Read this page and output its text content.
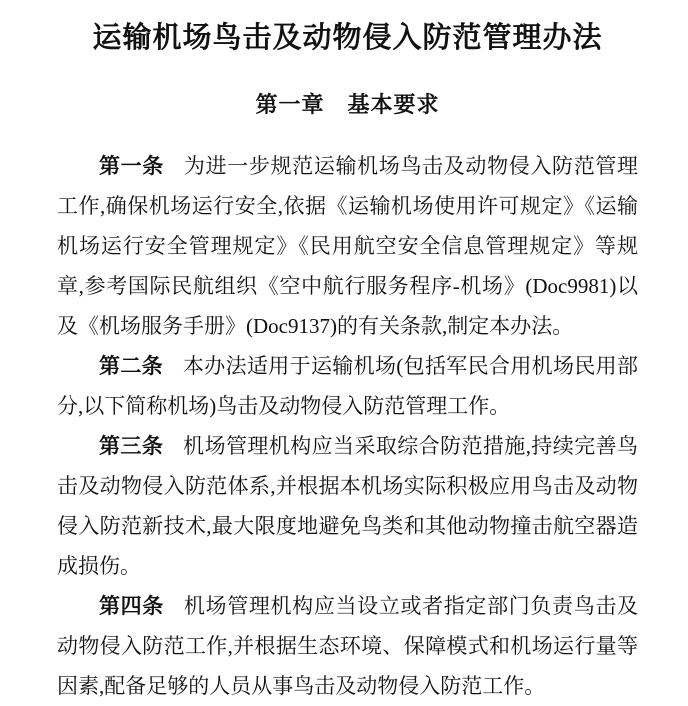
运输机场鸟击及动物侵入防范管理办法
第一章　基本要求

第一条 为进一步规范运输机场鸟击及动物侵入防范管理工作,确保机场运行安全,依据《运输机场使用许可规定》《运输机场运行安全管理规定》《民用航空安全信息管理规定》等规章,参考国际民航组织《空中航行服务程序-机场》(Doc9981)以及《机场服务手册》(Doc9137)的有关条款,制定本办法。

第二条 本办法适用于运输机场(包括军民合用机场民用部分,以下简称机场)鸟击及动物侵入防范管理工作。

第三条 机场管理机构应当采取综合防范措施,持续完善鸟击及动物侵入防范体系,并根据本机场实际积极应用鸟击及动物侵入防范新技术,最大限度地避免鸟类和其他动物撞击航空器造成损伤。

第四条 机场管理机构应当设立或者指定部门负责鸟击及动物侵入防范工作,并根据生态环境、保障模式和机场运行量等因素,配备足够的人员从事鸟击及动物侵入防范工作。
